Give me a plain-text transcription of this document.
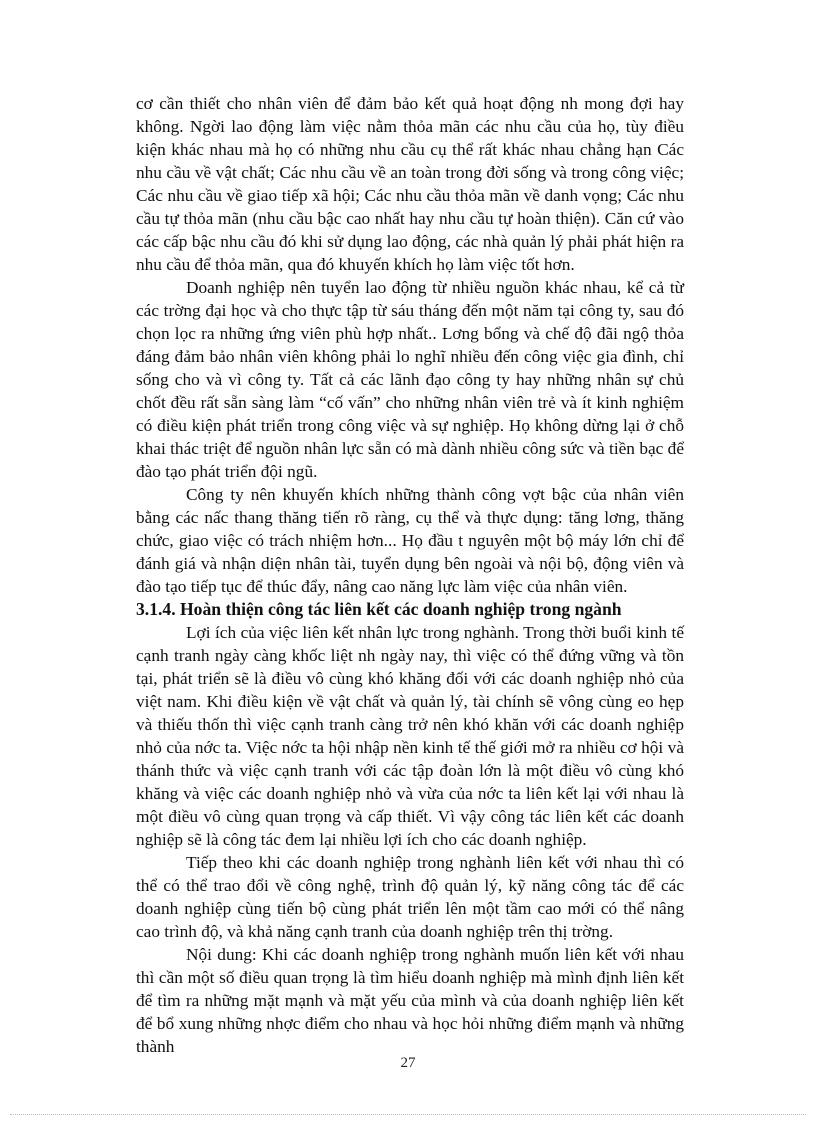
cơ cần thiết cho nhân viên để đảm bảo kết quả hoạt động nh mong đợi hay không. Ngời lao động làm việc nằm thỏa mãn các nhu cầu của họ, tùy điều kiện khác nhau mà họ có những nhu cầu cụ thể rất khác nhau chẳng hạn Các nhu cầu về vật chất; Các nhu cầu về an toàn trong đời sống và trong công việc; Các nhu cầu về giao tiếp xã hội; Các nhu cầu thỏa mãn về danh vọng; Các nhu cầu tự thỏa mãn (nhu cầu bậc cao nhất hay nhu cầu tự hoàn thiện). Căn cứ vào các cấp bậc nhu cầu đó khi sử dụng lao động, các nhà quản lý phải phát hiện ra nhu cầu để thỏa mãn, qua đó khuyến khích họ làm việc tốt hơn.

Doanh nghiệp nên tuyển lao động từ nhiều nguồn khác nhau, kể cả từ các trờng đại học và cho thực tập từ sáu tháng đến một năm tại công ty, sau đó chọn lọc ra những ứng viên phù hợp nhất.. Lơng bổng và chế độ đãi ngộ thỏa đáng đảm bảo nhân viên không phải lo nghĩ nhiều đến công việc gia đình, chỉ sống cho và vì công ty. Tất cả các lãnh đạo công ty hay những nhân sự chủ chốt đều rất sẵn sàng làm “cố vấn” cho những nhân viên trẻ và ít kinh nghiệm có điều kiện phát triển trong công việc và sự nghiệp. Họ không dừng lại ở chỗ khai thác triệt để nguồn nhân lực sẵn có mà dành nhiều công sức và tiền bạc để đào tạo phát triển đội ngũ.

Công ty nên khuyến khích những thành công vợt bậc của nhân viên bằng các nấc thang thăng tiến rõ ràng, cụ thể và thực dụng: tăng lơng, thăng chức, giao việc có trách nhiệm hơn... Họ đầu t nguyên một bộ máy lớn chỉ để đánh giá và nhận diện nhân tài, tuyển dụng bên ngoài và nội bộ, động viên và đào tạo tiếp tục để thúc đẩy, nâng cao năng lực làm việc của nhân viên.

3.1.4. Hoàn thiện công tác liên kết các doanh nghiệp trong ngành

Lợi ích của việc liên kết nhân lực trong nghành. Trong thời buổi kinh tế cạnh tranh ngày càng khốc liệt nh ngày nay, thì việc có thể đứng vững và tồn tại, phát triển sẽ là điều vô cùng khó khăng đối với các doanh nghiệp nhỏ của việt nam. Khi điều kiện về vật chất và quản lý, tài chính sẽ vông cùng eo hẹp và thiếu thốn thì việc cạnh tranh càng trở nên khó khăn với các doanh nghiệp nhỏ của nớc ta. Việc nớc ta hội nhập nền kinh tế thế giới mở ra nhiều cơ hội và thánh thức và việc cạnh tranh với các tập đoàn lớn là một điều vô cùng khó khăng và việc các doanh nghiệp nhỏ và vừa của nớc ta liên kết lại với nhau là một điều vô cùng quan trọng và cấp thiết. Vì vậy công tác liên kết các doanh nghiệp sẽ là công tác đem lại nhiều lợi ích cho các doanh nghiệp.

Tiếp theo khi các doanh nghiệp trong nghành liên kết với nhau thì có thể có thể trao đổi về công nghệ, trình độ quản lý, kỹ năng công tác để các doanh nghiệp cùng tiến bộ cùng phát triển lên một tầm cao mới có thể nâng cao trình độ, và khả năng cạnh tranh của doanh nghiệp trên thị trờng.

Nội dung: Khi các doanh nghiệp trong nghành muốn liên kết với nhau thì cần một số điều quan trọng là tìm hiểu doanh nghiệp mà mình định liên kết để tìm ra những mặt mạnh và mặt yếu của mình và của doanh nghiệp liên kết để bổ xung những nhợc điểm cho nhau và học hỏi những điểm mạnh và những thành

27
